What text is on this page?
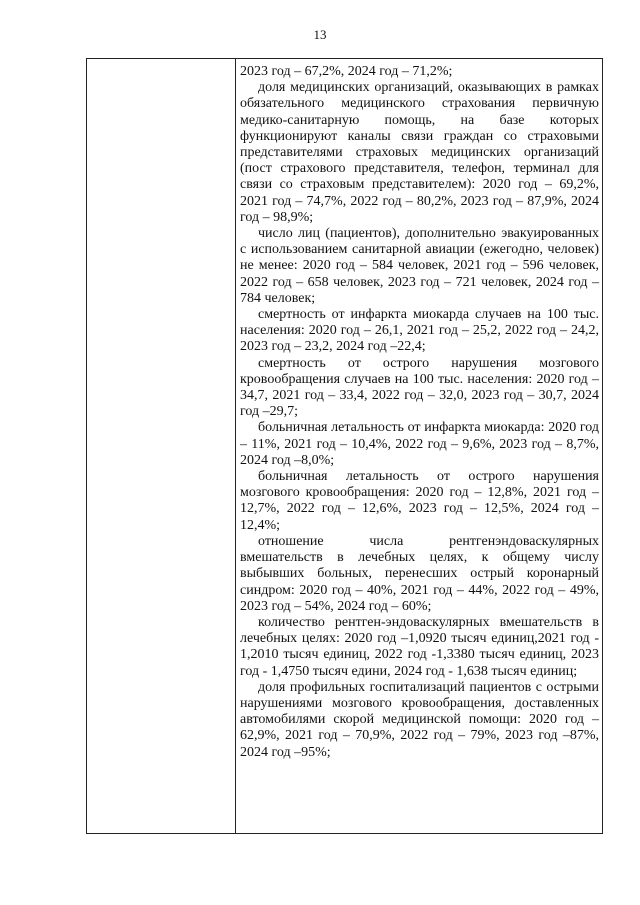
13

2023 год – 67,2%, 2024 год – 71,2%;

доля медицинских организаций, оказывающих в рамках обязательного медицинского страхования первичную медико-санитарную помощь, на базе которых функционируют каналы связи граждан со страховыми представителями страховых медицинских организаций (пост страхового представителя, телефон, терминал для связи со страховым представителем): 2020 год – 69,2%, 2021 год – 74,7%, 2022 год – 80,2%, 2023 год – 87,9%, 2024 год – 98,9%;

число лиц (пациентов), дополнительно эвакуированных с использованием санитарной авиации (ежегодно, человек) не менее: 2020 год – 584 человек, 2021 год – 596 человек, 2022 год – 658 человек, 2023 год – 721 человек, 2024 год – 784 человек;

смертность от инфаркта миокарда случаев на 100 тыс. населения: 2020 год – 26,1, 2021 год – 25,2, 2022 год – 24,2, 2023 год – 23,2, 2024 год –22,4;

смертность от острого нарушения мозгового кровообращения случаев на 100 тыс. населения: 2020 год – 34,7, 2021 год – 33,4, 2022 год – 32,0, 2023 год – 30,7, 2024 год –29,7;

больничная летальность от инфаркта миокарда: 2020 год – 11%, 2021 год – 10,4%, 2022 год – 9,6%, 2023 год – 8,7%, 2024 год –8,0%;

больничная летальность от острого нарушения мозгового кровообращения: 2020 год – 12,8%, 2021 год – 12,7%, 2022 год – 12,6%, 2023 год – 12,5%, 2024 год – 12,4%;

отношение числа рентгенэндоваскулярных вмешательств в лечебных целях, к общему числу выбывших больных, перенесших острый коронарный синдром: 2020 год – 40%, 2021 год – 44%, 2022 год – 49%, 2023 год – 54%, 2024 год – 60%;

количество рентген-эндоваскулярных вмешательств в лечебных целях: 2020 год –1,0920 тысяч единиц,2021 год - 1,2010 тысяч единиц, 2022 год -1,3380 тысяч единиц, 2023 год - 1,4750 тысяч едини, 2024 год - 1,638 тысяч единиц;

доля профильных госпитализаций пациентов с острыми нарушениями мозгового кровообращения, доставленных автомобилями скорой медицинской помощи: 2020 год – 62,9%, 2021 год – 70,9%, 2022 год – 79%, 2023 год –87%, 2024 год –95%;
